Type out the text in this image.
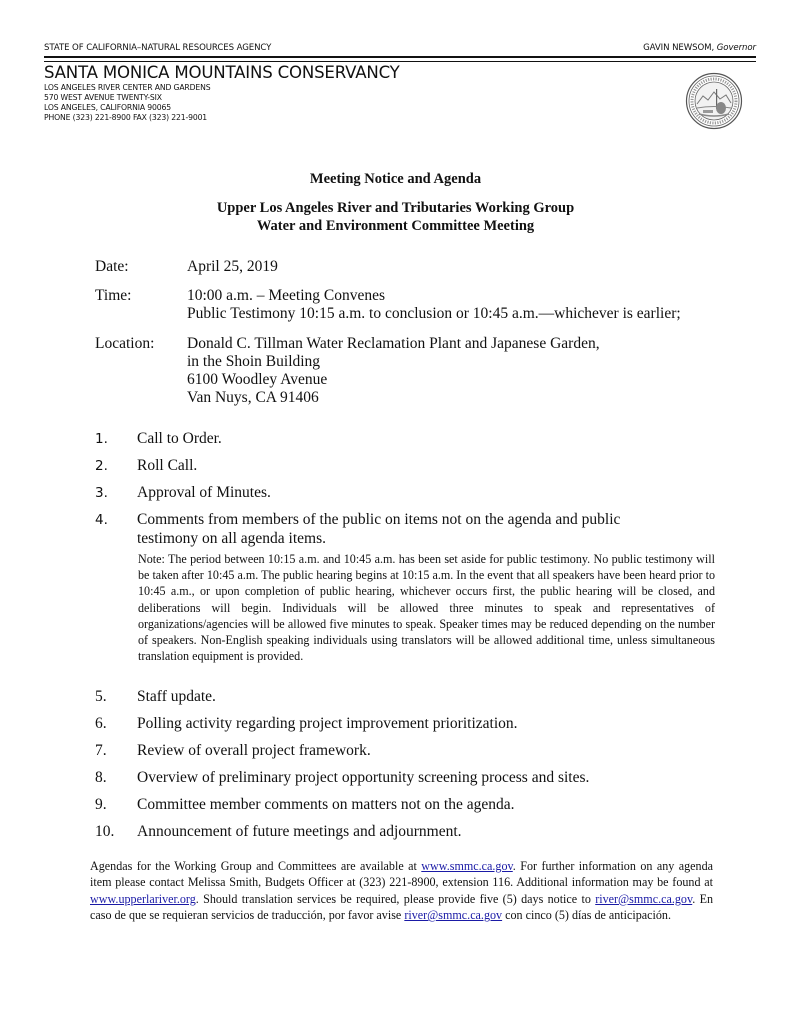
STATE OF CALIFORNIA–NATURAL RESOURCES AGENCY	GAVIN NEWSOM, Governor
SANTA MONICA MOUNTAINS CONSERVANCY
LOS ANGELES RIVER CENTER AND GARDENS
570 WEST AVENUE TWENTY-SIX
LOS ANGELES, CALIFORNIA 90065
PHONE (323) 221-8900 FAX (323) 221-9001
Meeting Notice and Agenda
Upper Los Angeles River and Tributaries Working Group
Water and Environment Committee Meeting
Date:	April 25, 2019
Time:	10:00 a.m. – Meeting Convenes
Public Testimony 10:15 a.m. to conclusion or 10:45 a.m.—whichever is earlier;
Location: Donald C. Tillman Water Reclamation Plant and Japanese Garden,
in the Shoin Building
6100 Woodley Avenue
Van Nuys, CA 91406
1. Call to Order.
2. Roll Call.
3. Approval of Minutes.
4. Comments from members of the public on items not on the agenda and public testimony on all agenda items.
Note: The period between 10:15 a.m. and 10:45 a.m. has been set aside for public testimony. No public testimony will be taken after 10:45 a.m. The public hearing begins at 10:15 a.m. In the event that all speakers have been heard prior to 10:45 a.m., or upon completion of public hearing, whichever occurs first, the public hearing will be closed, and deliberations will begin. Individuals will be allowed three minutes to speak and representatives of organizations/agencies will be allowed five minutes to speak. Speaker times may be reduced depending on the number of speakers. Non-English speaking individuals using translators will be allowed additional time, unless simultaneous translation equipment is provided.
5. Staff update.
6. Polling activity regarding project improvement prioritization.
7. Review of overall project framework.
8. Overview of preliminary project opportunity screening process and sites.
9. Committee member comments on matters not on the agenda.
10. Announcement of future meetings and adjournment.
Agendas for the Working Group and Committees are available at www.smmc.ca.gov. For further information on any agenda item please contact Melissa Smith, Budgets Officer at (323) 221-8900, extension 116. Additional information may be found at www.upperlariver.org. Should translation services be required, please provide five (5) days notice to river@smmc.ca.gov. En caso de que se requieran servicios de traducción, por favor avise river@smmc.ca.gov con cinco (5) días de anticipación.
